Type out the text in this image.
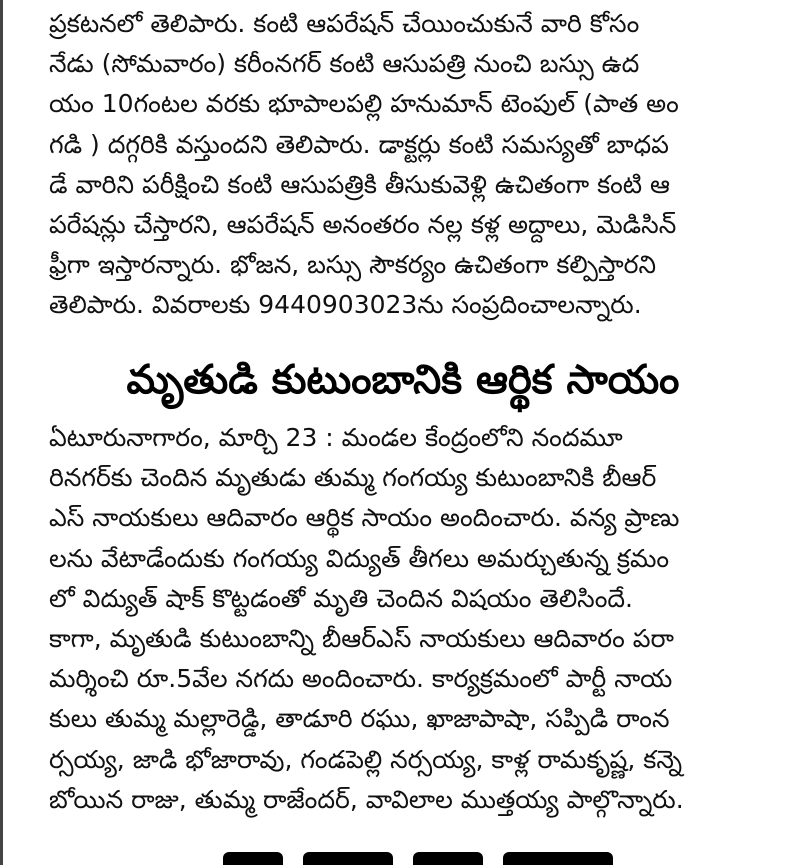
ప్రకటనలో తెలిపారు. కంటి ఆపరేషన్ చేయించుకునే వారి కోసం
నేడు (సోమవారం) కరీంనగర్ కంటి ఆసుపత్రి నుంచి బస్సు ఉద
యం 10గంటల వరకు భూపాలపల్లి హనుమాన్ టెంపుల్ (పాత అం
గడి ) దగ్గరికి వస్తుందని తెలిపారు. డాక్టర్లు కంటి సమస్యతో బాధప
డే వారిని పరీక్షించి కంటి ఆసుపత్రికి తీసుకువెళ్లి ఉచితంగా కంటి ఆ
పరేషన్లు చేస్తారని, ఆపరేషన్ అనంతరం నల్ల కళ్ల అద్దాలు, మెడిసిన్
ఫ్రీగా ఇస్తారన్నారు. భోజన, బస్సు సౌకర్యం ఉచితంగా కల్పిస్తారని
తెలిపారు. వివరాలకు 9440903023ను సంప్రదించాలన్నారు.
మృతుడి కుటుంబానికి ఆర్థిక సాయం
ఏటూరునాగారం, మార్చి 23 : మండల కేంద్రంలోని నందమూ
రినగర్‌కు చెందిన మృతుడు తుమ్మ గంగయ్య కుటుంబానికి బీఆర్
ఎస్ నాయకులు ఆదివారం ఆర్థిక సాయం అందించారు. వన్య ప్రాణు
లను వేటాడేందుకు గంగయ్య విద్యుత్ తీగలు అమర్చుతున్న క్రమం
లో విద్యుత్ షాక్ కొట్టడంతో మృతి చెందిన విషయం తెలిసిందే.
కాగా, మృతుడి కుటుంబాన్ని బీఆర్ఎస్ నాయకులు ఆదివారం పరా
మర్శించి రూ.5వేల నగదు అందించారు. కార్యక్రమంలో పార్టీ నాయ
కులు తుమ్మ మల్లారెడ్డి, తాడూరి రఘు, ఖాజాపాషా, సప్పిడి రాంన
ర్సయ్య, జాడి భోజారావు, గండపెల్లి నర్సయ్య, కాళ్ల రామకృష్ణ, కన్నె
బోయిన రాజు, తుమ్మ రాజేందర్, వావిలాల ముత్తయ్య పాల్గొన్నారు.
